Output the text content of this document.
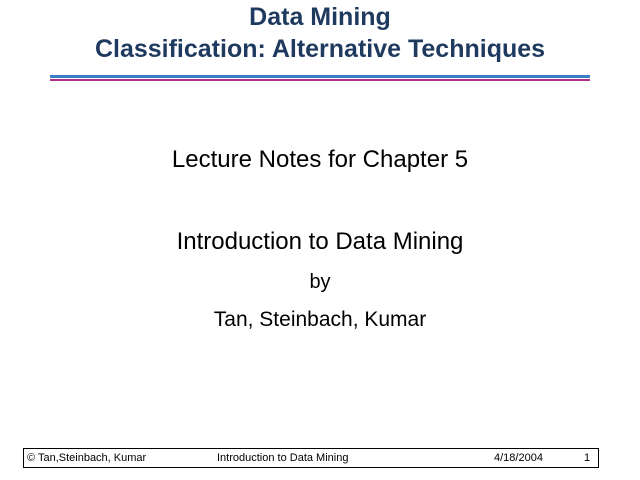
Data Mining
Classification: Alternative Techniques
Lecture Notes for Chapter 5
Introduction to Data Mining
by
Tan, Steinbach, Kumar
© Tan,Steinbach, Kumar	Introduction to Data Mining	4/18/2004	1
